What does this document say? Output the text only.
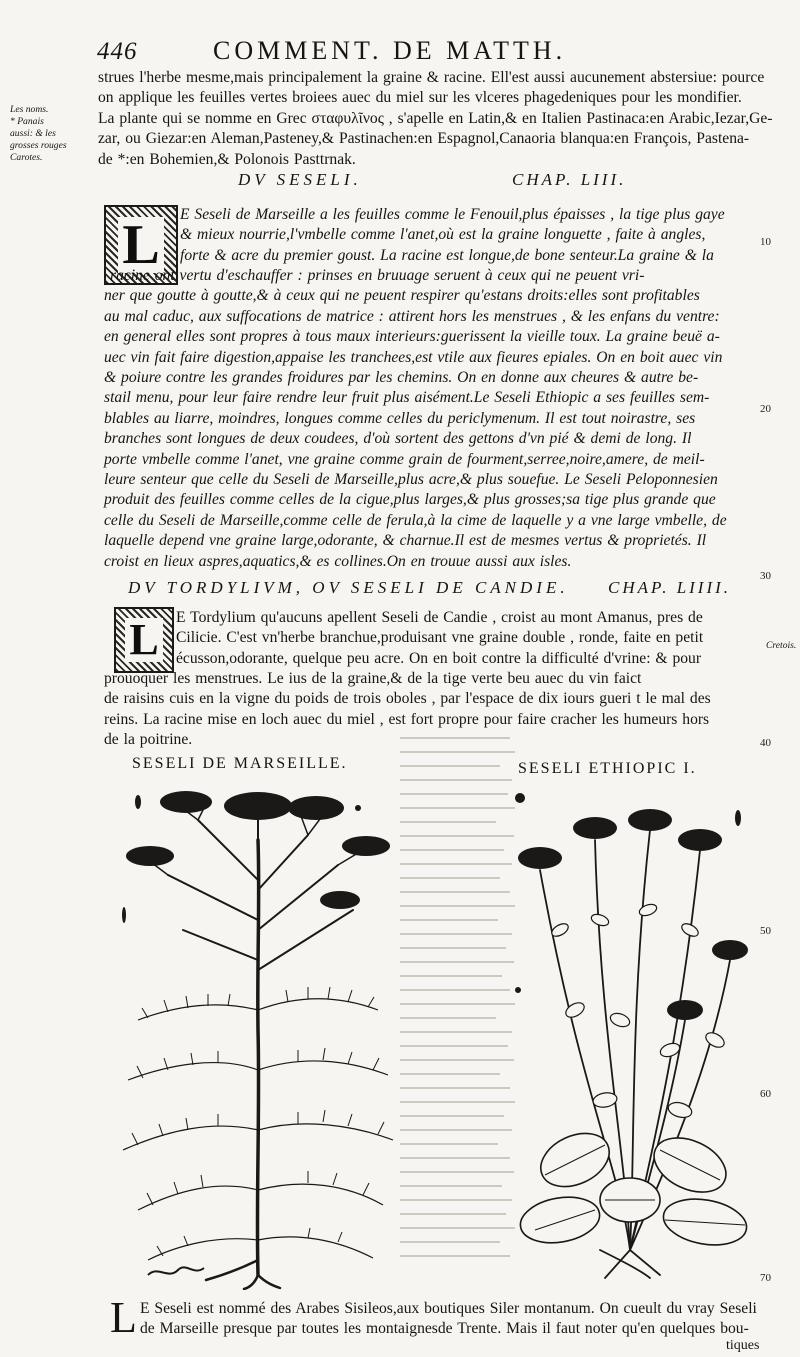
446	COMMENT. DE MATTH.
strues l'herbe mesme,mais principalement la graine & racine. Ell'est aussi aucunement abstersiue: pource
on applique les feuilles vertes broiees auec du miel sur les vlceres phagedeniques pour les mondifier.
La plante qui se nomme en Grec σταφυλῖνος , s'apelle en Latin,& en Italien Pastinaca:en Arabic,Iezar,Ge-
zar, ou Giezar:en Aleman,Pasteney,& Pastinachen:en Espagnol,Canaoria blanqua:en François, Pastena-
de *:en Bohemien,& Polonois Pasttrnak.
Les noms.
* Panais
aussi: & les
grosses rouges
Carotes.
DV SESELI.	CHAP. LIII.
L E Seseli de Marseille a les feuilles comme le Fenouil,plus épaisses , la tige plus gaye
& mieux nourrie,l'vmbelle comme l'anet,où est la graine longuette , faite à angles,
forte & acre du premier goust. La racine est longue,de bone senteur.La graine & la
racine ont vertu d'eschauffer : prinses en bruuage seruent à ceux qui ne peuent vri-
ner que goutte à goutte,& à ceux qui ne peuent respirer qu'estans droits:elles sont profitables
au mal caduc, aux suffocations de matrice : attirent hors les menstrues , & les enfans du ventre:
en general elles sont propres à tous maux interieurs:guerissent la vieille toux. La graine beuë a-
uec vin fait faire digestion,appaise les tranchees,est vtile aux fieures epiales. On en boit auec vin
& poiure contre les grandes froidures par les chemins. On en donne aux cheures & autre be-
stail menu, pour leur faire rendre leur fruit plus aisément.Le Seseli Ethiopic a ses feuilles sem-
blables au liarre, moindres, longues comme celles du periclymenum. Il est tout noirastre, ses
branches sont longues de deux coudees, d'où sortent des gettons d'vn pié & demi de long. Il
porte vmbelle comme l'anet, vne graine comme grain de fourment,serree,noire,amere, de meil-
leure senteur que celle du Seseli de Marseille,plus acre,& plus souefue. Le Seseli Peloponnesien
produit des feuilles comme celles de la cigue,plus larges,& plus grosses;sa tige plus grande que
celle du Seseli de Marseille,comme celle de ferula,à la cime de laquelle y a vne large vmbelle, de
laquelle depend vne graine large,odorante, & charnue.Il est de mesmes vertus & proprietés. Il
croist en lieux aspres,aquatics,& es collines.On en trouue aussi aux isles.
DV TORDYLIVM, OV SESELI DE CANDIE. CHAP. LIIII.
Cretois.
L E Tordylium qu'aucuns apellent Seseli de Candie , croist au mont Amanus, pres de
Cilicie. C'est vn'herbe branchue,produisant vne graine double , ronde, faite en petit
écusson,odorante, quelque peu acre. On en boit contre la difficulté d'vrine: & pour
prouoquer les menstrues. Le ius de la graine,& de la tige verte beu auec du vin faict
de raisins cuis en la vigne du poids de trois oboles , par l'espace de dix iours gueri t le mal des
reins. La racine mise en loch auec du miel , est fort propre pour faire cracher les humeurs hors
de la poitrine.
10
20
30
40
50
60
70
SESELI DE MARSEILLE.	SESELI ETHIOPIC I.
L E Seseli est nommé des Arabes Sisileos,aux boutiques Siler montanum. On cueult du vray Seseli
de Marseille presque par toutes les montaignesde Trente. Mais il faut noter qu'en quelques bou-
tiques
